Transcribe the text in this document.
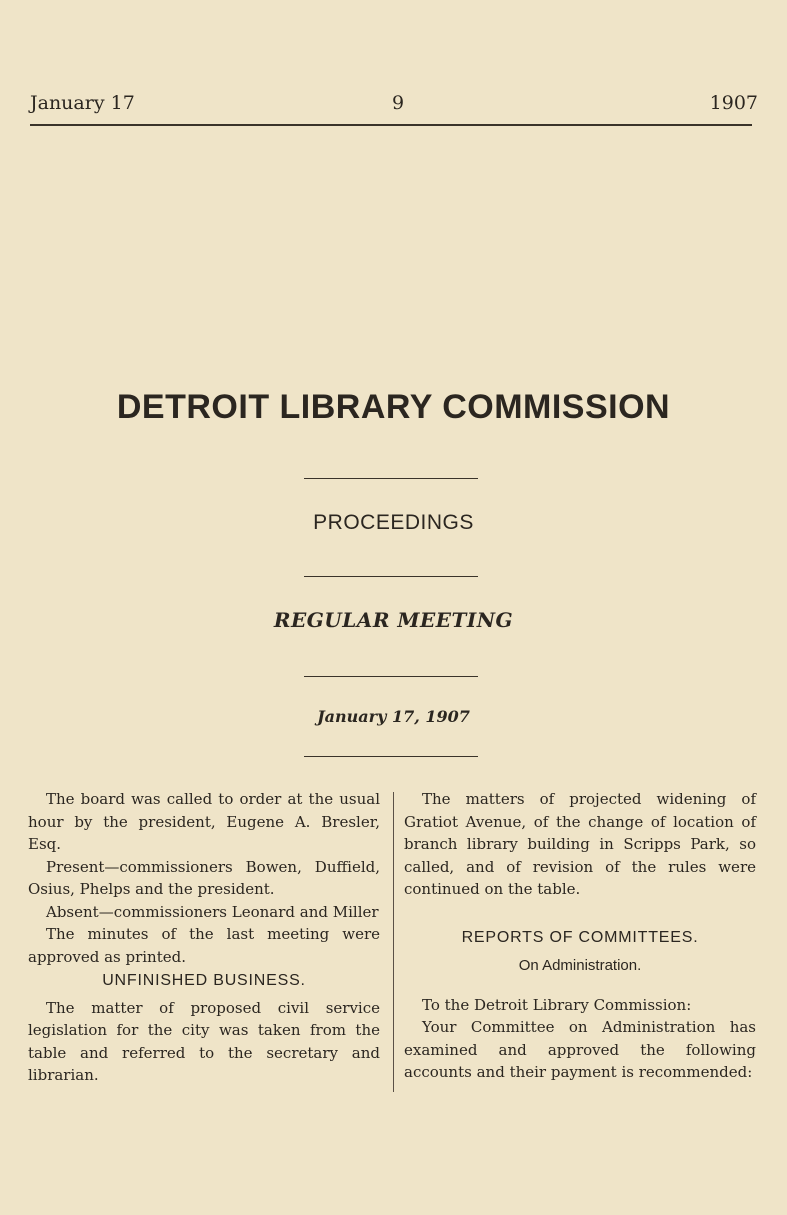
January 17	9	1907
DETROIT LIBRARY COMMISSION
PROCEEDINGS
REGULAR MEETING
January 17, 1907

The board was called to order at the usual hour by the president, Eugene A. Bresler, Esq.

Present—commissioners Bowen, Duffield, Osius, Phelps and the president.

Absent—commissioners Leonard and Miller

The minutes of the last meeting were approved as printed.

UNFINISHED BUSINESS.

The matter of proposed civil service legislation for the city was taken from the table and referred to the secretary and librarian.

The matters of projected widening of Gratiot Avenue, of the change of location of branch library building in Scripps Park, so called, and of revision of the rules were continued on the table.

REPORTS OF COMMITTEES.
On Administration.

To the Detroit Library Commission:

Your Committee on Administration has examined and approved the following accounts and their payment is recommended:
